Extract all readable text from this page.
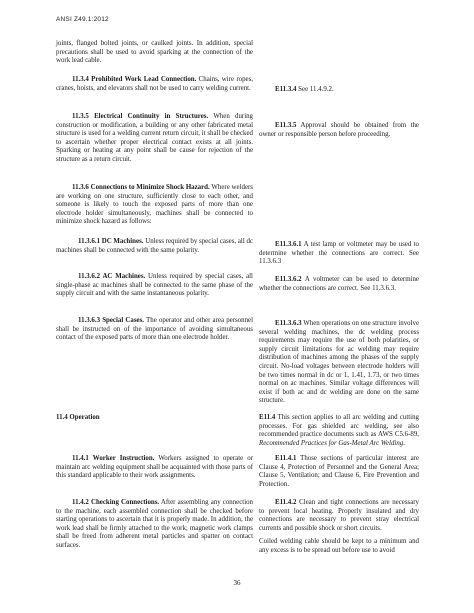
ANSI Z49.1:2012

joints, flanged bolted joints, or caulked joints. In addition, special precautions shall be used to avoid sparking at the connection of the work lead cable.

11.3.4 Prohibited Work Lead Connection. Chains, wire ropes, cranes, hoists, and elevators shall not be used to carry welding current.

11.3.5 Electrical Continuity in Structures. When during construction or modification, a building or any other fabricated metal structure is used for a welding current return circuit, it shall be checked to ascertain whether proper electrical contact exists at all joints. Sparking or heating at any point shall be cause for rejection of the structure as a return circuit.

11.3.6 Connections to Minimize Shock Hazard. Where welders are working on one structure, sufficiently close to each other, and someone is likely to touch the exposed parts of more than one electrode holder simultaneously, machines shall be connected to minimize shock hazard as follows:

11.3.6.1 DC Machines. Unless required by special cases, all dc machines shall be connected with the same polarity.

11.3.6.2 AC Machines. Unless required by special cases, all single-phase ac machines shall be connected to the same phase of the supply circuit and with the same instantaneous polarity.

11.3.6.3 Special Cases. The operator and other area personnel shall be instructed on of the importance of avoiding simultaneous contact of the exposed parts of more than one electrode holder.

11.4 Operation

11.4.1 Worker Instruction. Workers assigned to operate or maintain arc welding equipment shall be acquainted with those parts of this standard applicable to their work assignments.

11.4.2 Checking Connections. After assembling any connection to the machine, each assembled connection shall be checked before starting operations to ascertain that it is properly made. In addition, the work lead shall be firmly attached to the work; magnetic work clamps shall be freed from adherent metal particles and spatter on contact surfaces.

E11.3.4 See 11.4.9.2.

E11.3.5 Approval should be obtained from the owner or responsible person before proceeding.

E11.3.6.1 A test lamp or voltmeter may be used to determine whether the connections are correct. See 11.3.6.3

E11.3.6.2 A voltmeter can be used to determine whether the connections are correct. See 11.3.6.3.

E11.3.6.3 When operations on one structure involve several welding machines, the dc welding process requirements may require the use of both polarities, or supply circuit limitations for ac welding may require distribution of machines among the phases of the supply circuit. No-load voltages between electrode holders will be two times normal in dc or 1, 1.41, 1.73, or two times normal on ac machines. Similar voltage differences will exist if both ac and dc welding are done on the same structure.

E11.4 This section applies to all arc welding and cutting processes. For gas shielded arc welding, see also recommended practice documents such as AWS C5.6-89, Recommended Practices for Gas-Metal Arc Welding.

E11.4.1 Those sections of particular interest are Clause 4, Protection of Personnel and the General Area; Clause 5, Ventilation; and Clause 6, Fire Prevention and Protection.

E11.4.2 Clean and tight connections are necessary to prevent local heating. Properly insulated and dry connections are necessary to prevent stray electrical currents and possible shock or short circuits.

Coiled welding cable should be kept to a minimum and any excess is to be spread out before use to avoid

36
